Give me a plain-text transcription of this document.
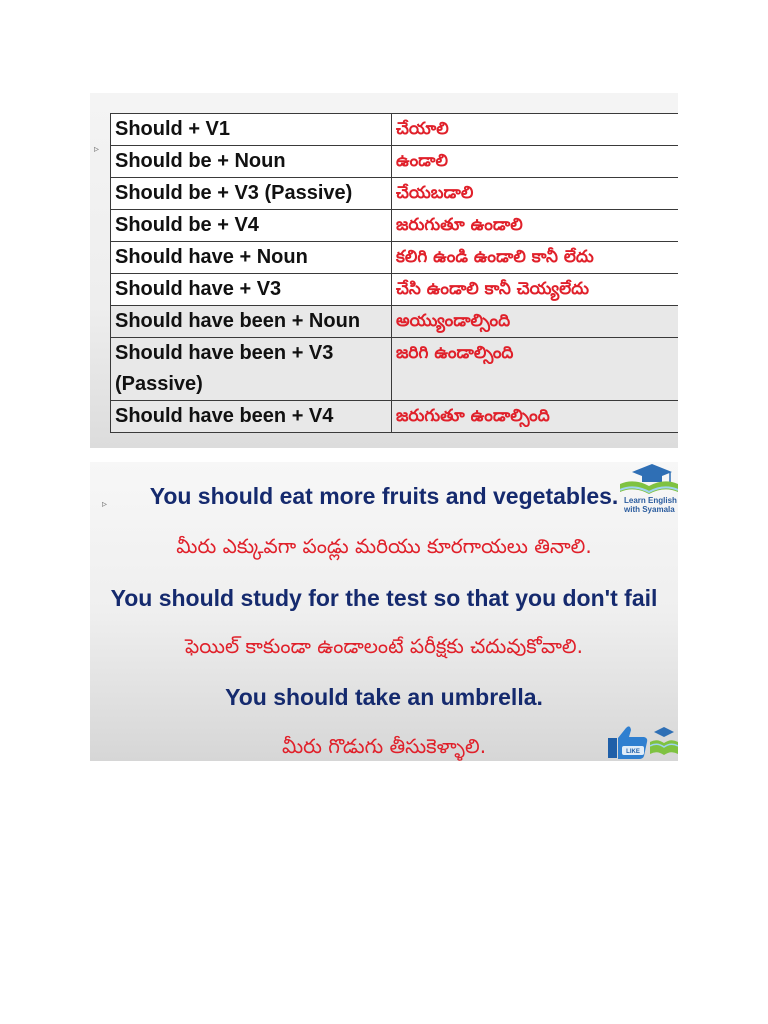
▹
Should + V1	చేయాలి
Should be + Noun	ఉండాలి
Should be + V3 (Passive)	చేయబడాలి
Should be + V4	జరుగుతూ ఉండాలి
Should have + Noun	కలిగి ఉండి ఉండాలి కానీ లేదు
Should have + V3	చేసి ఉండాలి కానీ చెయ్యలేదు
Should have been + Noun	అయ్యుండాల్సింది
Should have been + V3 (Passive)	జరిగి ఉండాల్సింది
Should have been + V4	జరుగుతూ ఉండాల్సింది
▹	Learn English
with Syamala
You should eat more fruits and vegetables.
మీరు ఎక్కువగా పండ్లు మరియు కూరగాయలు తినాలి.
You should study for the test so that you don't fail
ఫెయిల్ కాకుండా ఉండాలంటే పరీక్షకు చదువుకోవాలి.
You should take an umbrella.
మీరు గొడుగు తీసుకెళ్ళాలి.	LIKE
